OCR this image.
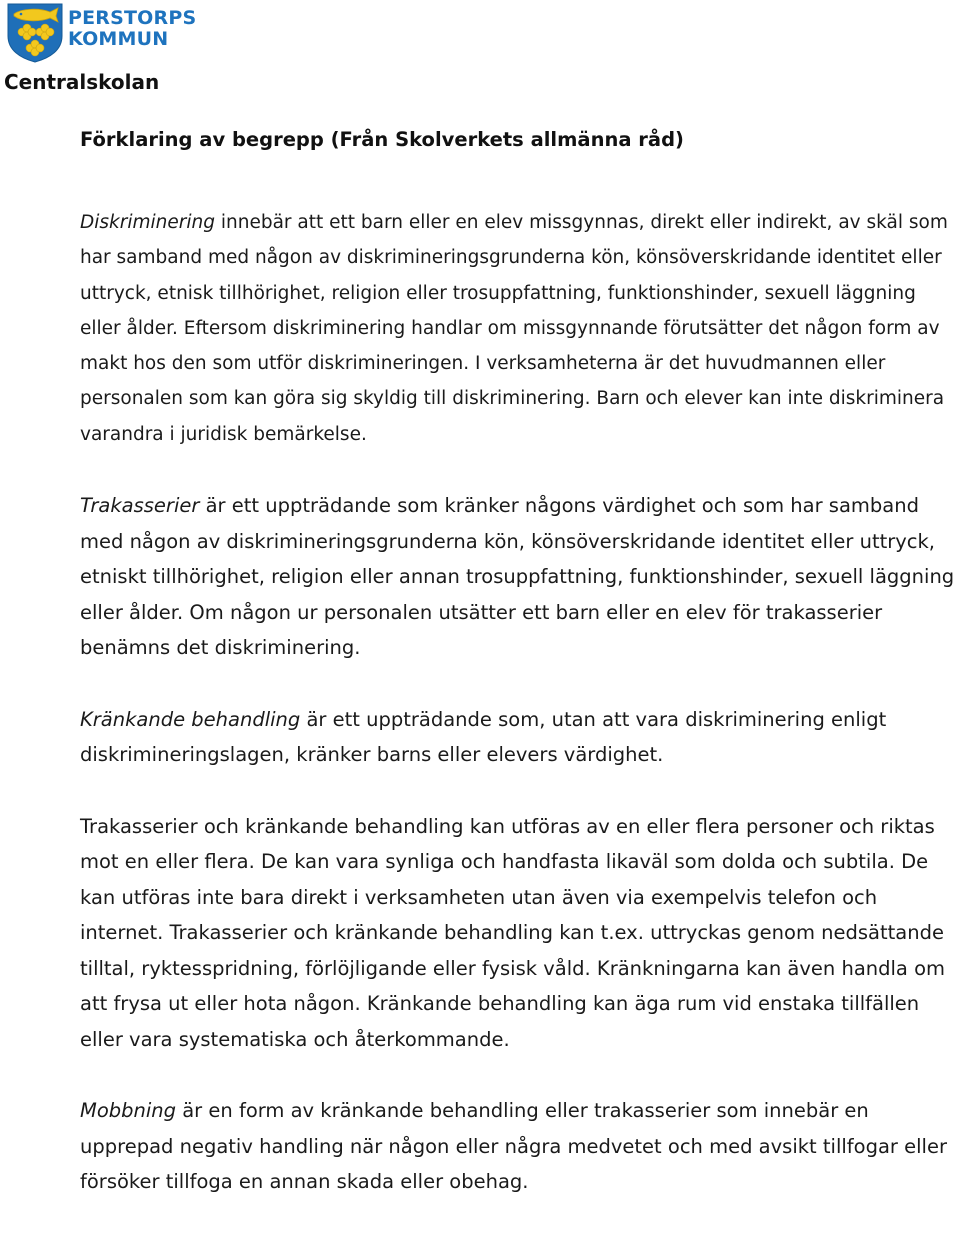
PERSTORPS
KOMMUN
Centralskolan
Förklaring av begrepp (Från Skolverkets allmänna råd)

Diskriminering innebär att ett barn eller en elev missgynnas, direkt eller indirekt, av skäl som har samband med någon av diskrimineringsgrunderna kön, könsöverskridande identitet eller uttryck, etnisk tillhörighet, religion eller trosuppfattning, funktionshinder, sexuell läggning eller ålder. Eftersom diskriminering handlar om missgynnande förutsätter det någon form av makt hos den som utför diskrimineringen. I verksamheterna är det huvudmannen eller personalen som kan göra sig skyldig till diskriminering. Barn och elever kan inte diskriminera varandra i juridisk bemärkelse.

Trakasserier är ett uppträdande som kränker någons värdighet och som har samband med någon av diskrimineringsgrunderna kön, könsöverskridande identitet eller uttryck, etniskt tillhörighet, religion eller annan trosuppfattning, funktionshinder, sexuell läggning eller ålder. Om någon ur personalen utsätter ett barn eller en elev för trakasserier benämns det diskriminering.

Kränkande behandling är ett uppträdande som, utan att vara diskriminering enligt diskrimineringslagen, kränker barns eller elevers värdighet.

Trakasserier och kränkande behandling kan utföras av en eller flera personer och riktas mot en eller flera. De kan vara synliga och handfasta likaväl som dolda och subtila. De kan utföras inte bara direkt i verksamheten utan även via exempelvis telefon och internet. Trakasserier och kränkande behandling kan t.ex. uttryckas genom nedsättande tilltal, ryktesspridning, förlöjligande eller fysisk våld. Kränkningarna kan även handla om att frysa ut eller hota någon. Kränkande behandling kan äga rum vid enstaka tillfällen eller vara systematiska och återkommande.

Mobbning är en form av kränkande behandling eller trakasserier som innebär en upprepad negativ handling när någon eller några medvetet och med avsikt tillfogar eller försöker tillfoga en annan skada eller obehag.
